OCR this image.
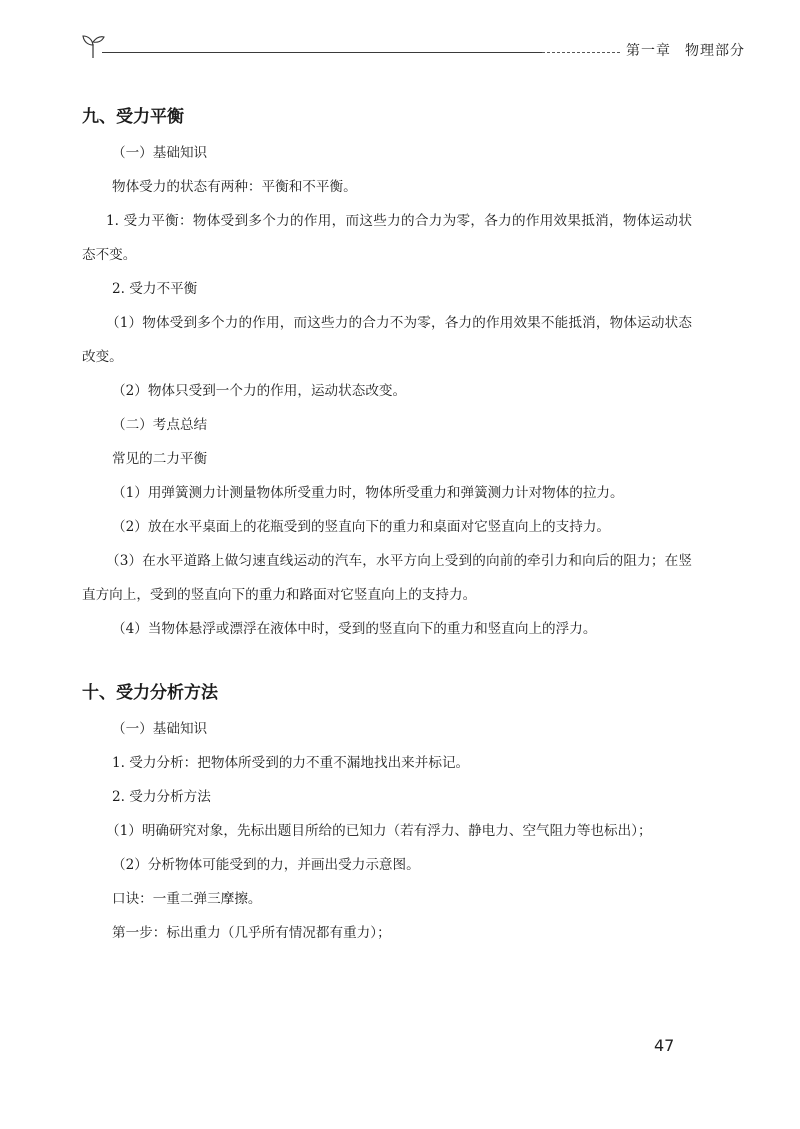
第一章 物理部分
九、受力平衡

（一）基础知识

物体受力的状态有两种：平衡和不平衡。

1. 受力平衡：物体受到多个力的作用，而这些力的合力为零，各力的作用效果抵消，物体运动状态不变。

2. 受力不平衡

（1）物体受到多个力的作用，而这些力的合力不为零，各力的作用效果不能抵消，物体运动状态改变。

（2）物体只受到一个力的作用，运动状态改变。

（二）考点总结

常见的二力平衡

（1）用弹簧测力计测量物体所受重力时，物体所受重力和弹簧测力计对物体的拉力。

（2）放在水平桌面上的花瓶受到的竖直向下的重力和桌面对它竖直向上的支持力。

（3）在水平道路上做匀速直线运动的汽车，水平方向上受到的向前的牵引力和向后的阻力；在竖直方向上，受到的竖直向下的重力和路面对它竖直向上的支持力。

（4）当物体悬浮或漂浮在液体中时，受到的竖直向下的重力和竖直向上的浮力。

十、受力分析方法

（一）基础知识

1. 受力分析：把物体所受到的力不重不漏地找出来并标记。

2. 受力分析方法

（1）明确研究对象，先标出题目所给的已知力（若有浮力、静电力、空气阻力等也标出）；

（2）分析物体可能受到的力，并画出受力示意图。

口诀：一重二弹三摩擦。

第一步：标出重力（几乎所有情况都有重力）；

47
